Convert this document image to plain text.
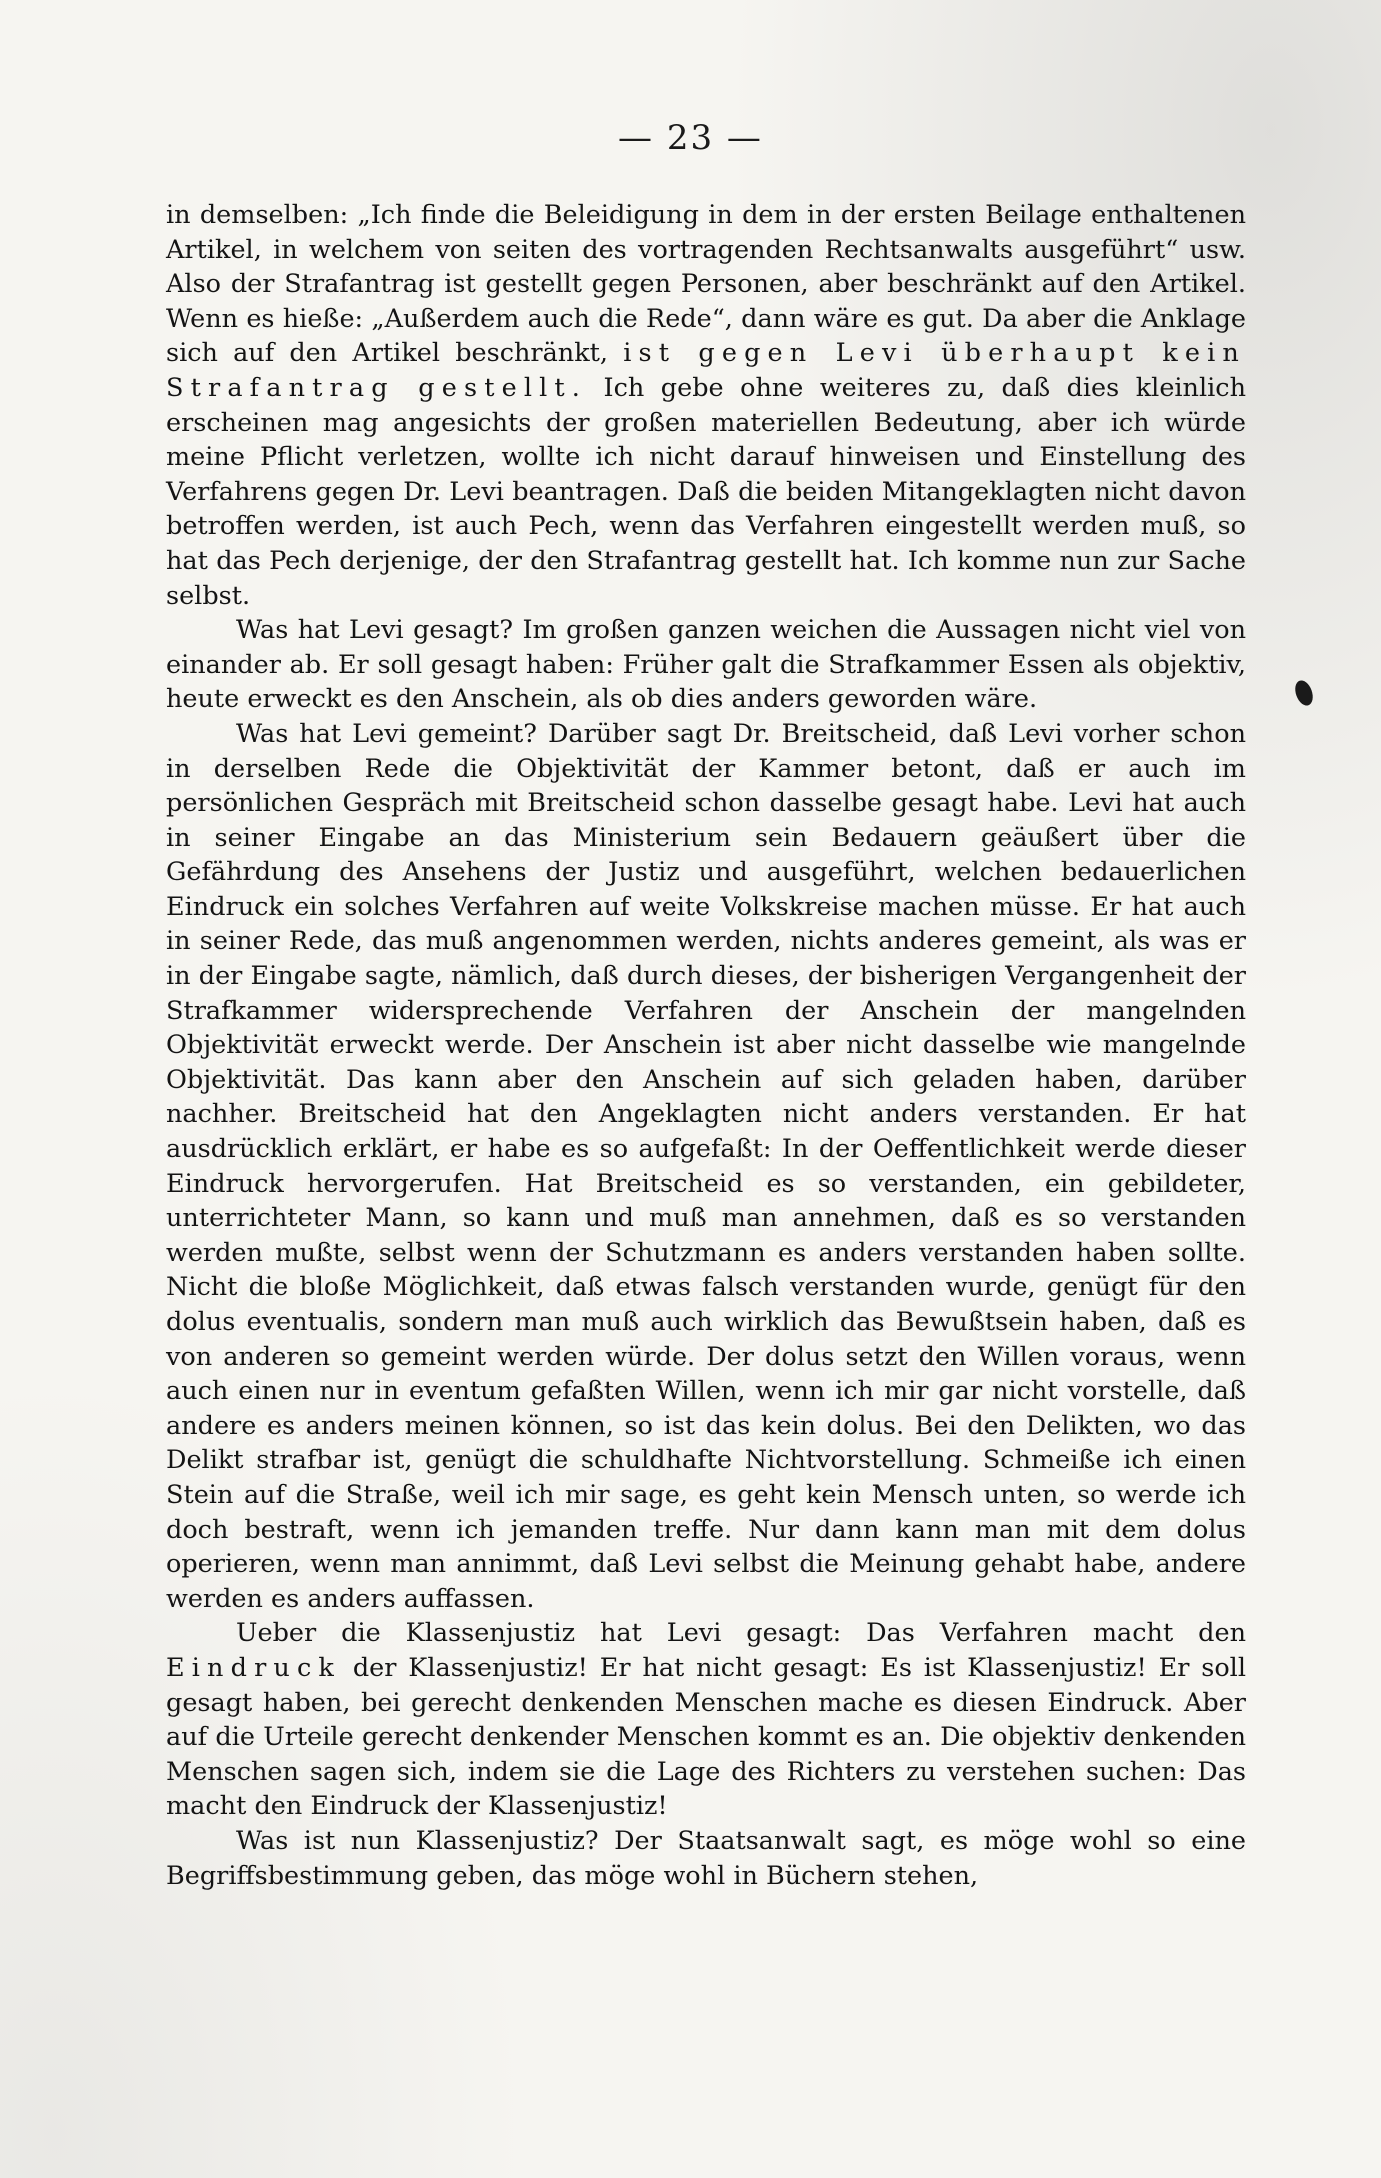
— 23 —

in demselben: „Ich finde die Beleidigung in dem in der ersten Beilage enthaltenen Artikel, in welchem von seiten des vortragenden Rechtsanwalts ausgeführt“ usw. Also der Strafantrag ist gestellt gegen Personen, aber beschränkt auf den Artikel. Wenn es hieße: „Außerdem auch die Rede“, dann wäre es gut. Da aber die Anklage sich auf den Artikel beschränkt, ist gegen Levi überhaupt kein Strafantrag gestellt. Ich gebe ohne weiteres zu, daß dies kleinlich erscheinen mag angesichts der großen materiellen Bedeutung, aber ich würde meine Pflicht verletzen, wollte ich nicht darauf hinweisen und Einstellung des Verfahrens gegen Dr. Levi beantragen. Daß die beiden Mitangeklagten nicht davon betroffen werden, ist auch Pech, wenn das Verfahren eingestellt werden muß, so hat das Pech derjenige, der den Strafantrag gestellt hat. Ich komme nun zur Sache selbst.

Was hat Levi gesagt? Im großen ganzen weichen die Aussagen nicht viel von einander ab. Er soll gesagt haben: Früher galt die Strafkammer Essen als objektiv, heute erweckt es den Anschein, als ob dies anders geworden wäre.

Was hat Levi gemeint? Darüber sagt Dr. Breitscheid, daß Levi vorher schon in derselben Rede die Objektivität der Kammer betont, daß er auch im persönlichen Gespräch mit Breitscheid schon dasselbe gesagt habe. Levi hat auch in seiner Eingabe an das Ministerium sein Bedauern geäußert über die Gefährdung des Ansehens der Justiz und ausgeführt, welchen bedauerlichen Eindruck ein solches Verfahren auf weite Volkskreise machen müsse. Er hat auch in seiner Rede, das muß angenommen werden, nichts anderes gemeint, als was er in der Eingabe sagte, nämlich, daß durch dieses, der bisherigen Vergangenheit der Strafkammer widersprechende Verfahren der Anschein der mangelnden Objektivität erweckt werde. Der Anschein ist aber nicht dasselbe wie mangelnde Objektivität. Das kann aber den Anschein auf sich geladen haben, darüber nachher. Breitscheid hat den Angeklagten nicht anders verstanden. Er hat ausdrücklich erklärt, er habe es so aufgefaßt: In der Oeffentlichkeit werde dieser Eindruck hervorgerufen. Hat Breitscheid es so verstanden, ein gebildeter, unterrichteter Mann, so kann und muß man annehmen, daß es so verstanden werden mußte, selbst wenn der Schutzmann es anders verstanden haben sollte. Nicht die bloße Möglichkeit, daß etwas falsch verstanden wurde, genügt für den dolus eventualis, sondern man muß auch wirklich das Bewußtsein haben, daß es von anderen so gemeint werden würde. Der dolus setzt den Willen voraus, wenn auch einen nur in eventum gefaßten Willen, wenn ich mir gar nicht vorstelle, daß andere es anders meinen können, so ist das kein dolus. Bei den Delikten, wo das Delikt strafbar ist, genügt die schuldhafte Nichtvorstellung. Schmeiße ich einen Stein auf die Straße, weil ich mir sage, es geht kein Mensch unten, so werde ich doch bestraft, wenn ich jemanden treffe. Nur dann kann man mit dem dolus operieren, wenn man annimmt, daß Levi selbst die Meinung gehabt habe, andere werden es anders auffassen.

Ueber die Klassenjustiz hat Levi gesagt: Das Verfahren macht den Eindruck der Klassenjustiz! Er hat nicht gesagt: Es ist Klassenjustiz! Er soll gesagt haben, bei gerecht denkenden Menschen mache es diesen Eindruck. Aber auf die Urteile gerecht denkender Menschen kommt es an. Die objektiv denkenden Menschen sagen sich, indem sie die Lage des Richters zu verstehen suchen: Das macht den Eindruck der Klassenjustiz!

Was ist nun Klassenjustiz? Der Staatsanwalt sagt, es möge wohl so eine Begriffsbestimmung geben, das möge wohl in Büchern stehen,
